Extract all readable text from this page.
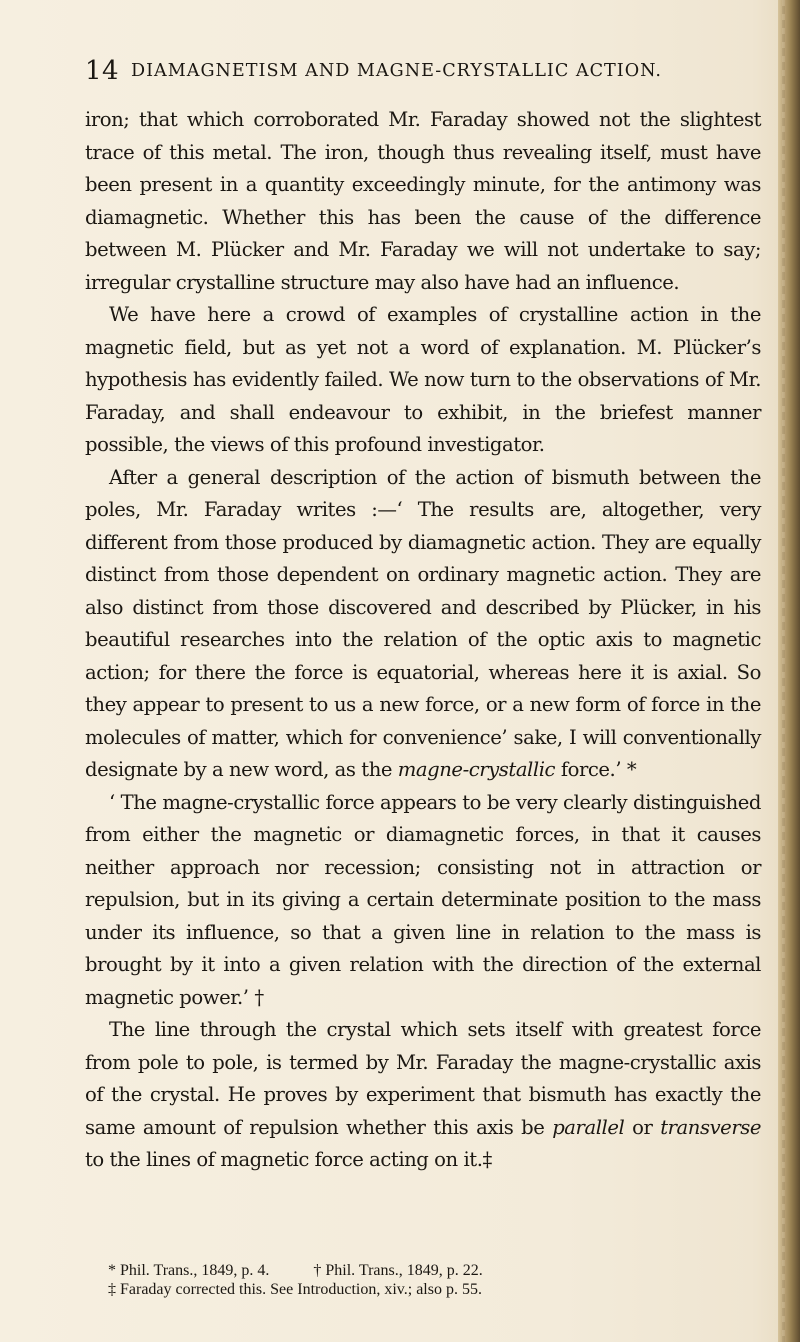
14 DIAMAGNETISM AND MAGNE-CRYSTALLIC ACTION.

iron; that which corroborated Mr. Faraday showed not the slightest trace of this metal. The iron, though thus revealing itself, must have been present in a quantity exceedingly minute, for the antimony was diamagnetic. Whether this has been the cause of the difference between M. Plücker and Mr. Faraday we will not undertake to say; irregular crystalline structure may also have had an influence.

We have here a crowd of examples of crystalline action in the magnetic field, but as yet not a word of explanation. M. Plücker’s hypothesis has evidently failed. We now turn to the observations of Mr. Faraday, and shall endeavour to exhibit, in the briefest manner possible, the views of this profound investigator.

After a general description of the action of bismuth between the poles, Mr. Faraday writes :—‘ The results are, altogether, very different from those produced by diamagnetic action. They are equally distinct from those dependent on ordinary magnetic action. They are also distinct from those discovered and described by Plücker, in his beautiful researches into the relation of the optic axis to magnetic action; for there the force is equatorial, whereas here it is axial. So they appear to present to us a new force, or a new form of force in the molecules of matter, which for convenience’ sake, I will conventionally designate by a new word, as the magne-crystallic force.’ *

‘ The magne-crystallic force appears to be very clearly distinguished from either the magnetic or diamagnetic forces, in that it causes neither approach nor recession; consisting not in attraction or repulsion, but in its giving a certain determinate position to the mass under its influence, so that a given line in relation to the mass is brought by it into a given relation with the direction of the external magnetic power.’ †

The line through the crystal which sets itself with greatest force from pole to pole, is termed by Mr. Faraday the magne-crystallic axis of the crystal. He proves by experiment that bismuth has exactly the same amount of repulsion whether this axis be parallel or transverse to the lines of magnetic force acting on it.‡

* Phil. Trans., 1849, p. 4.	† Phil. Trans., 1849, p. 22.
‡ Faraday corrected this. See Introduction, xiv.; also p. 55.
